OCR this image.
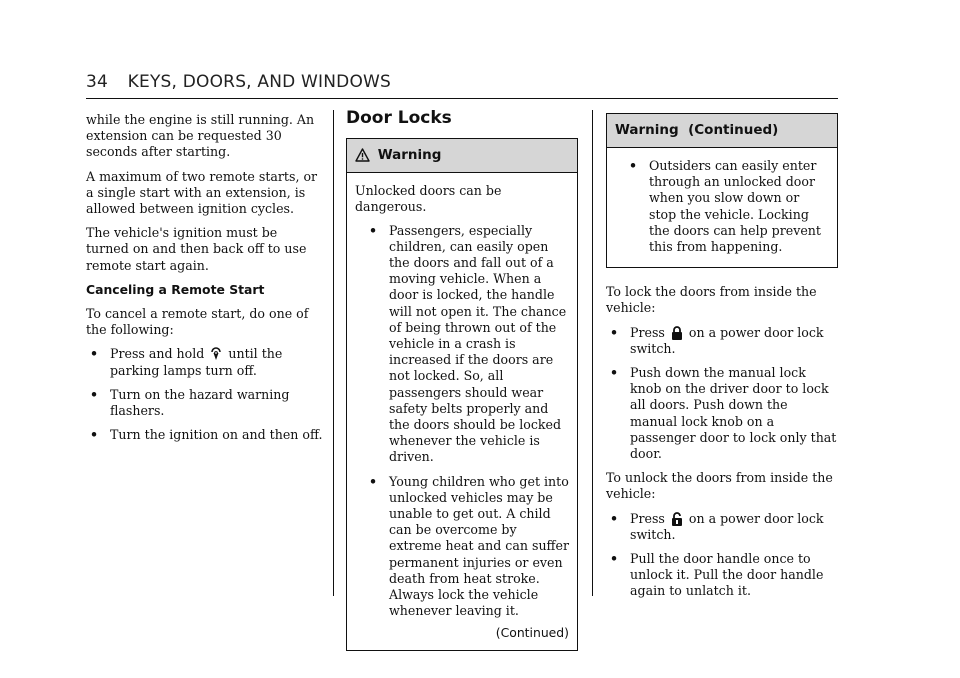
34 KEYS, DOORS, AND WINDOWS

while the engine is still running. An extension can be requested 30 seconds after starting.

A maximum of two remote starts, or a single start with an extension, is allowed between ignition cycles.

The vehicle's ignition must be turned on and then back off to use remote start again.

Canceling a Remote Start

To cancel a remote start, do one of the following:

• Press and hold until the parking lamps turn off.
• Turn on the hazard warning flashers.
• Turn the ignition on and then off.
Door Locks
Warning

Unlocked doors can be dangerous.

• Passengers, especially children, can easily open the doors and fall out of a moving vehicle. When a door is locked, the handle will not open it. The chance of being thrown out of the vehicle in a crash is increased if the doors are not locked. So, all passengers should wear safety belts properly and the doors should be locked whenever the vehicle is driven.
• Young children who get into unlocked vehicles may be unable to get out. A child can be overcome by extreme heat and can suffer permanent injuries or even death from heat stroke. Always lock the vehicle whenever leaving it.
(Continued)
Warning  (Continued)
• Outsiders can easily enter through an unlocked door when you slow down or stop the vehicle. Locking the doors can help prevent this from happening.

To lock the doors from inside the vehicle:

• Press on a power door lock switch.
• Push down the manual lock knob on the driver door to lock all doors. Push down the manual lock knob on a passenger door to lock only that door.

To unlock the doors from inside the vehicle:

• Press on a power door lock switch.
• Pull the door handle once to unlock it. Pull the door handle again to unlatch it.
